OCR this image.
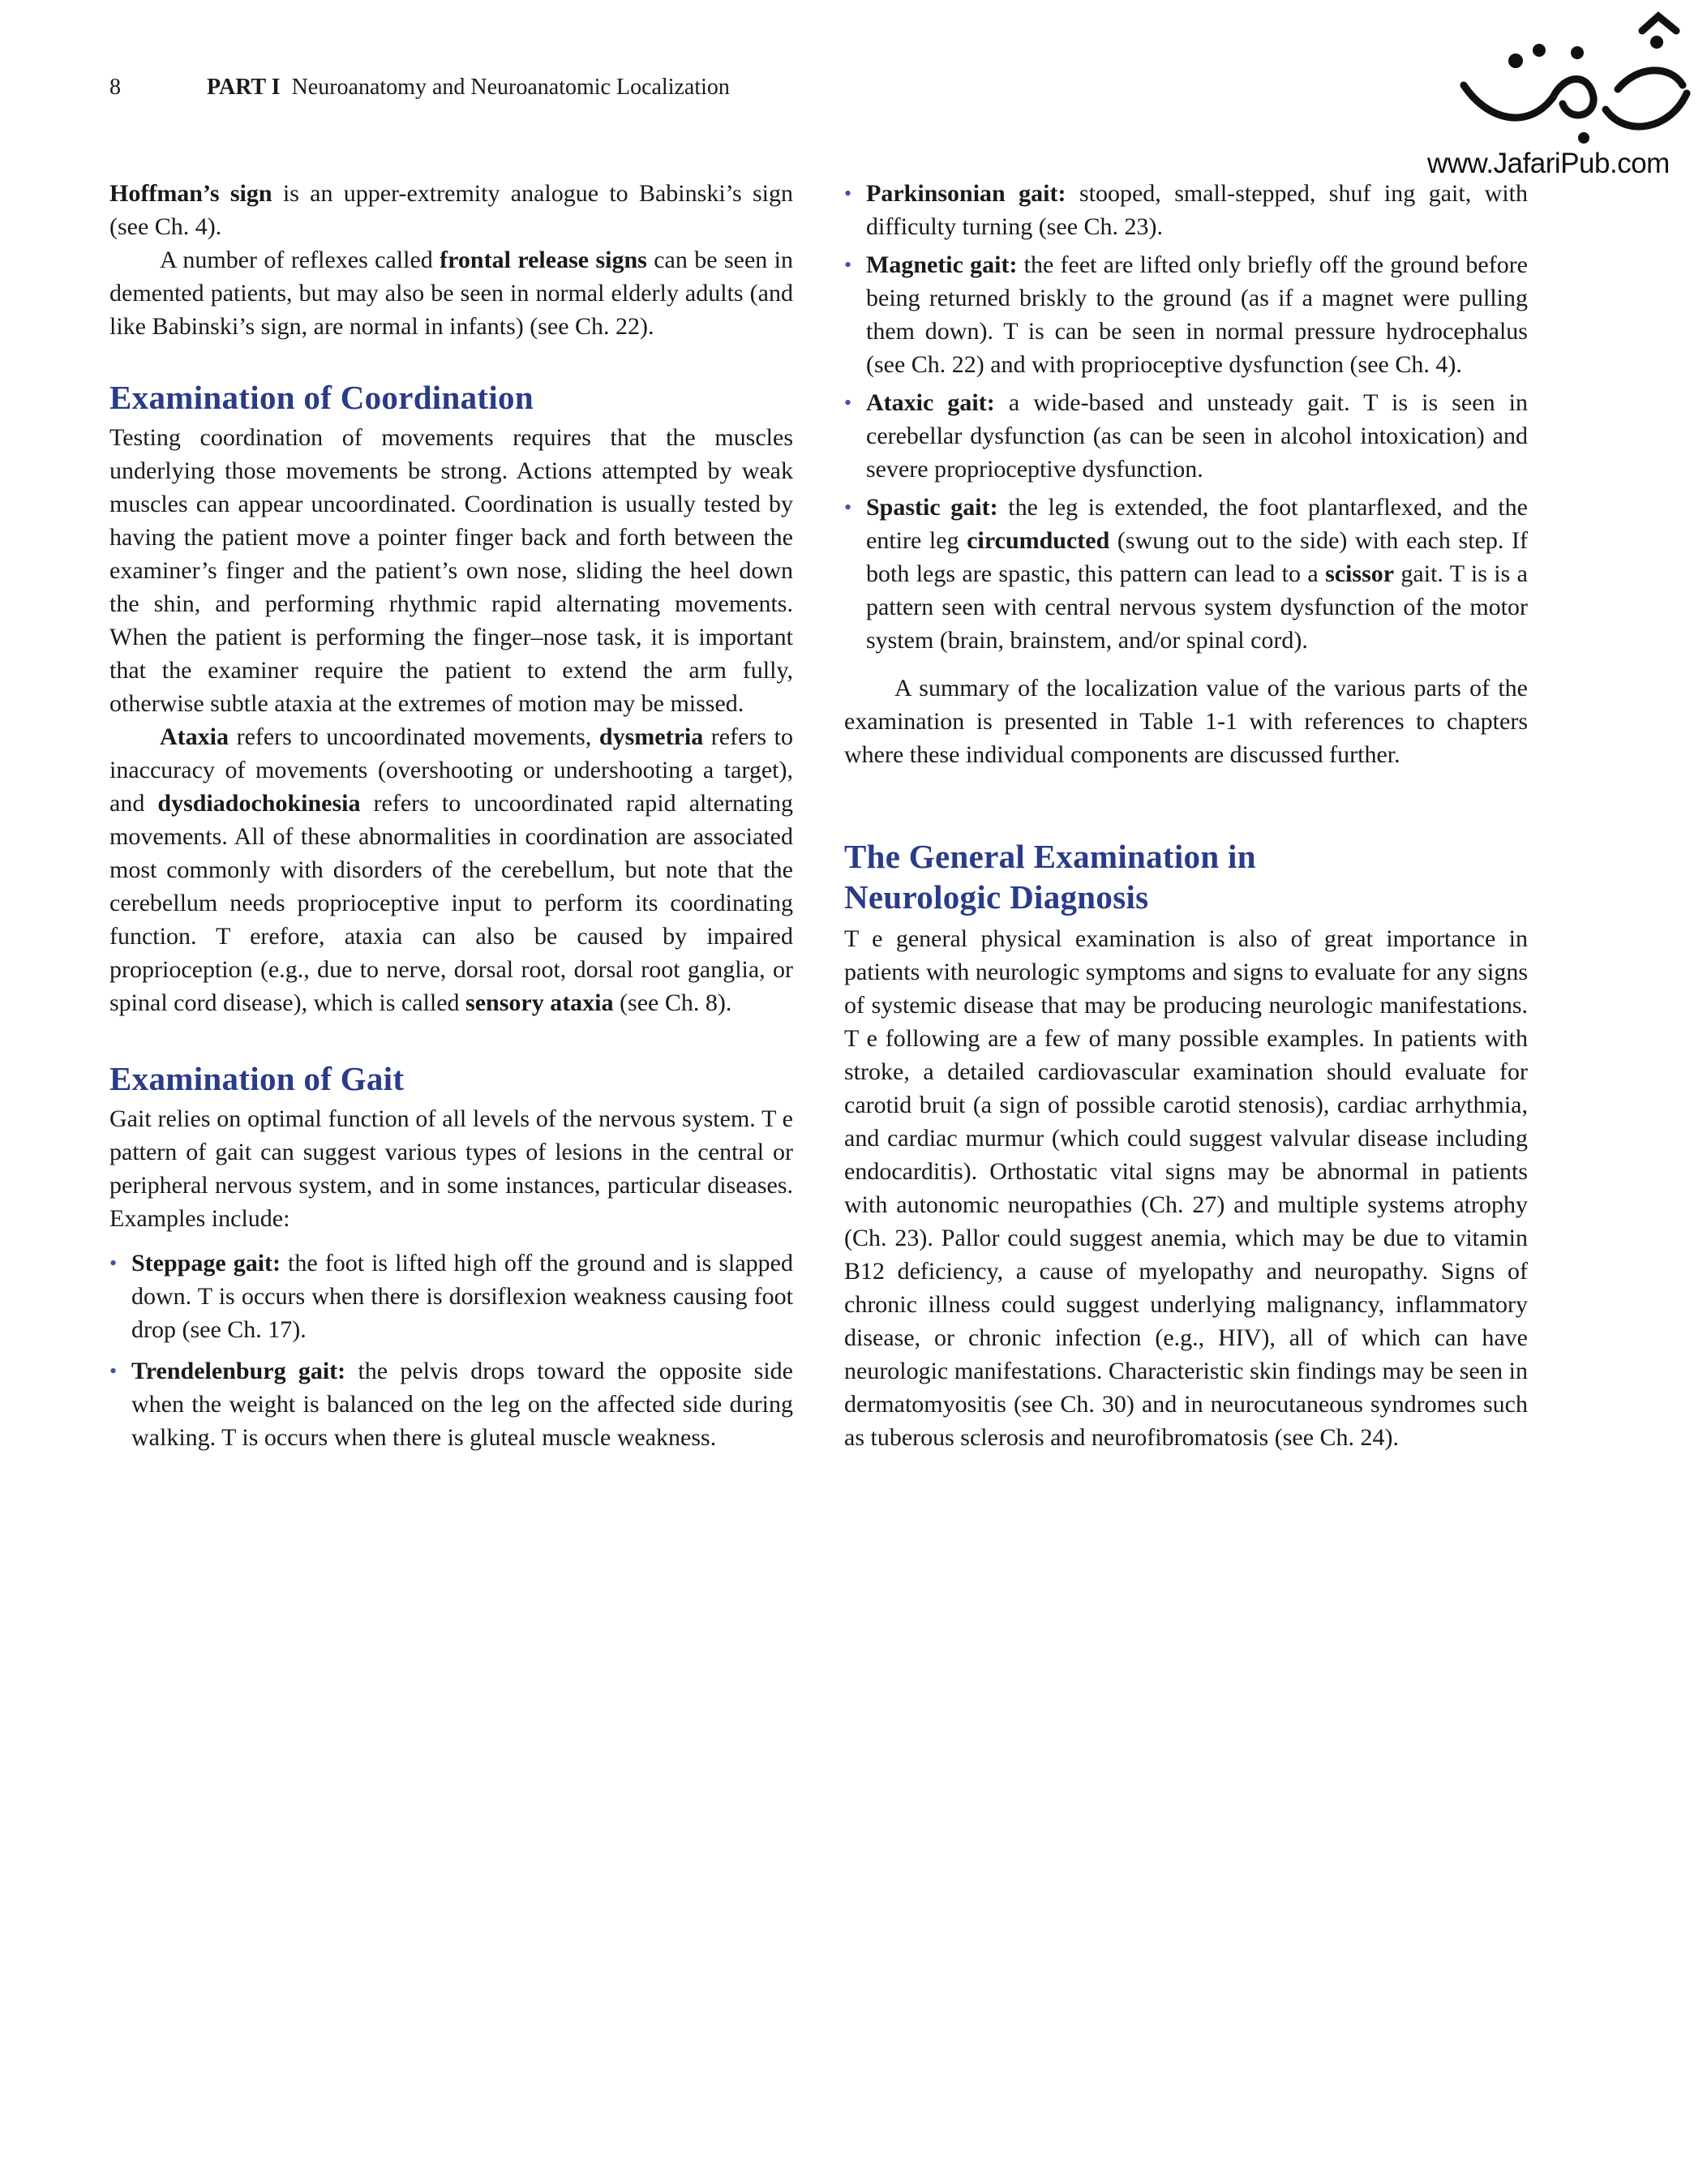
8	PART I Neuroanatomy and Neuroanatomic Localization
www.JafariPub.com

Hoffman’s sign is an upper-extremity analogue to Babinski’s sign (see Ch. 4).

A number of reflexes called frontal release signs can be seen in demented patients, but may also be seen in normal elderly adults (and like Babinski’s sign, are normal in infants) (see Ch. 22).

Examination of Coordination

Testing coordination of movements requires that the muscles underlying those movements be strong. Actions attempted by weak muscles can appear uncoordinated. Coordination is usually tested by having the patient move a pointer finger back and forth between the examiner’s finger and the patient’s own nose, sliding the heel down the shin, and performing rhythmic rapid alternating movements. When the patient is performing the finger–nose task, it is important that the examiner require the patient to extend the arm fully, otherwise subtle ataxia at the extremes of motion may be missed.

Ataxia refers to uncoordinated movements, dysmetria refers to inaccuracy of movements (overshooting or undershooting a target), and dysdiadochokinesia refers to uncoordinated rapid alternating movements. All of these abnormalities in coordination are associated most commonly with disorders of the cerebellum, but note that the cerebellum needs proprioceptive input to perform its coordinating function. T erefore, ataxia can also be caused by impaired proprioception (e.g., due to nerve, dorsal root, dorsal root ganglia, or spinal cord disease), which is called sensory ataxia (see Ch. 8).

Examination of Gait

Gait relies on optimal function of all levels of the nervous system. T e pattern of gait can suggest various types of lesions in the central or peripheral nervous system, and in some instances, particular diseases. Examples include:

• Steppage gait: the foot is lifted high off the ground and is slapped down. T is occurs when there is dorsiflexion weakness causing foot drop (see Ch. 17).
• Trendelenburg gait: the pelvis drops toward the opposite side when the weight is balanced on the leg on the affected side during walking. T is occurs when there is gluteal muscle weakness.
• Parkinsonian gait: stooped, small-stepped, shuf ing gait, with difficulty turning (see Ch. 23).
• Magnetic gait: the feet are lifted only briefly off the ground before being returned briskly to the ground (as if a magnet were pulling them down). T is can be seen in normal pressure hydrocephalus (see Ch. 22) and with proprioceptive dysfunction (see Ch. 4).
• Ataxic gait: a wide-based and unsteady gait. T is is seen in cerebellar dysfunction (as can be seen in alcohol intoxication) and severe proprioceptive dysfunction.
• Spastic gait: the leg is extended, the foot plantarflexed, and the entire leg circumducted (swung out to the side) with each step. If both legs are spastic, this pattern can lead to a scissor gait. T is is a pattern seen with central nervous system dysfunction of the motor system (brain, brainstem, and/or spinal cord).

A summary of the localization value of the various parts of the examination is presented in Table 1-1 with references to chapters where these individual components are discussed further.

The General Examination in
Neurologic Diagnosis

T e general physical examination is also of great importance in patients with neurologic symptoms and signs to evaluate for any signs of systemic disease that may be producing neurologic manifestations. T e following are a few of many possible examples. In patients with stroke, a detailed cardiovascular examination should evaluate for carotid bruit (a sign of possible carotid stenosis), cardiac arrhythmia, and cardiac murmur (which could suggest valvular disease including endocarditis). Orthostatic vital signs may be abnormal in patients with autonomic neuropathies (Ch. 27) and multiple systems atrophy (Ch. 23). Pallor could suggest anemia, which may be due to vitamin B12 deficiency, a cause of myelopathy and neuropathy. Signs of chronic illness could suggest underlying malignancy, inflammatory disease, or chronic infection (e.g., HIV), all of which can have neurologic manifestations. Characteristic skin findings may be seen in dermatomyositis (see Ch. 30) and in neurocutaneous syndromes such as tuberous sclerosis and neurofibromatosis (see Ch. 24).
